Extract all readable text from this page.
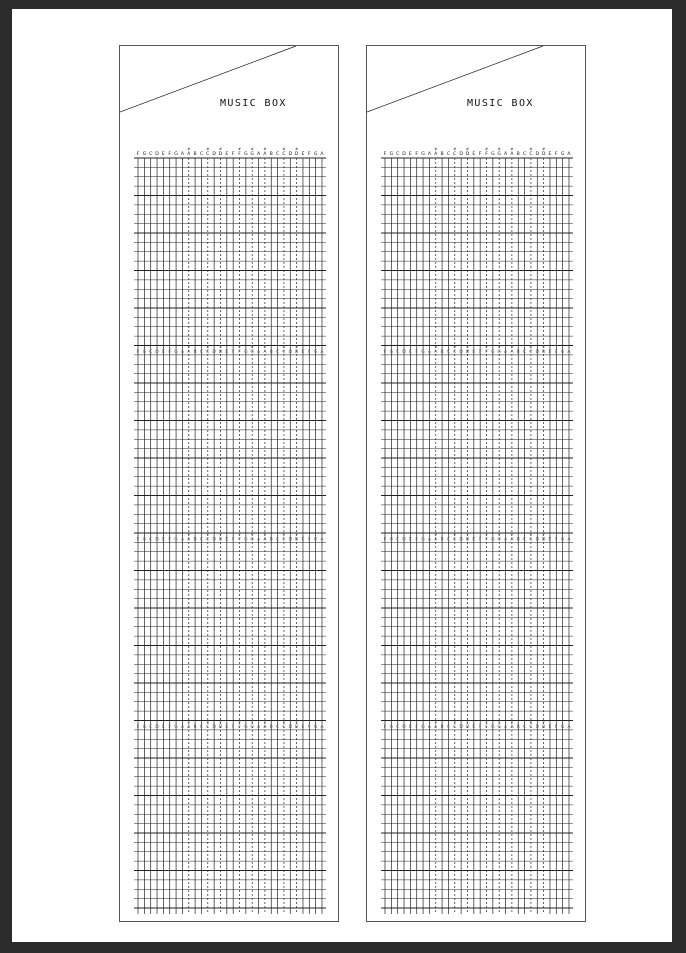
MUSIC BOX
F G C D E F G A A
#
B C C
#
D D
#
E F F
#
G G
#
A A
#
B C C
#
D D
#
E F G A
F G C D E F G A A
#
B C C
#
D D
#
E F F
#
G G
#
A A
#
B C C
#
D D
#
E F G A
F G C D E F G A A
#
B C C
#
D D
#
E F F
#
G G
#
A A
#
B C C
#
D D
#
E F G A
F G C D E F G A A
#
B C C
#
D D
#
E F F
#
G G
#
A A
#
B C C
#
D D
#
E F G A
MUSIC BOX
F G C D E F G A A
#
B C C
#
D D
#
E F F
#
G G
#
A A
#
B C C
#
D D
#
E F G A
F G C D E F G A A
#
B C C
#
D D
#
E F F
#
G G
#
A A
#
B C C
#
D D
#
E F G A
F G C D E F G A A
#
B C C
#
D D
#
E F F
#
G G
#
A A
#
B C C
#
D D
#
E F G A
F G C D E F G A A
#
B C C
#
D D
#
E F F
#
G G
#
A A
#
B C C
#
D D
#
E F G A
